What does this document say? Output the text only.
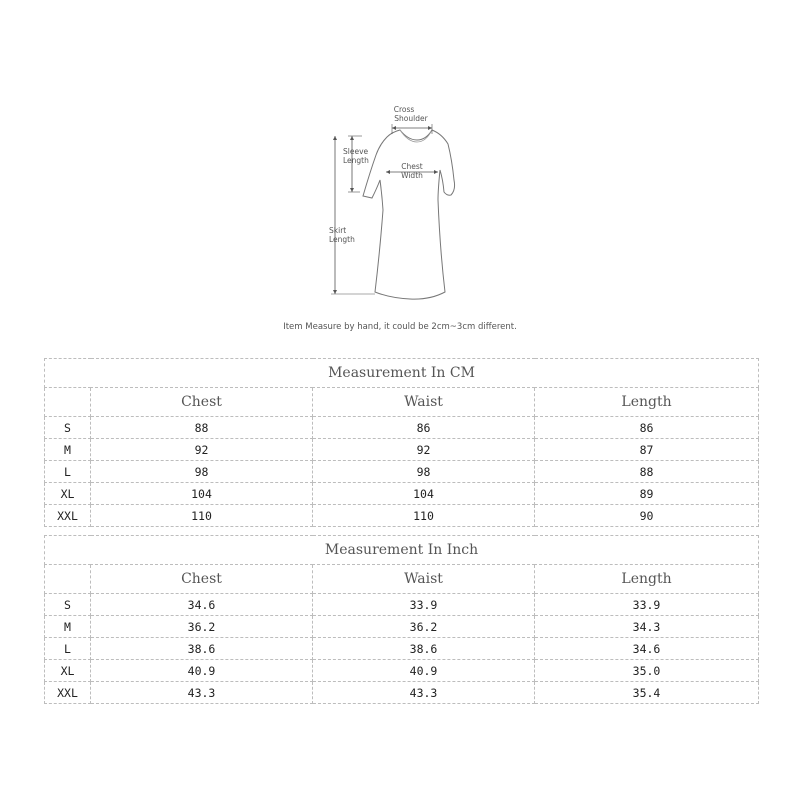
Cross
Shoulder
Sleeve
Length
Chest
Width
Skirt
Length
Item Measure by hand, it could be 2cm~3cm different.
Measurement In CM			
	Chest	Waist	Length
S	88	86	86
M	92	92	87
L	98	98	88
XL	104	104	89
XXL	110	110	90
Measurement In Inch			
	Chest	Waist	Length
S	34.6	33.9	33.9
M	36.2	36.2	34.3
L	38.6	38.6	34.6
XL	40.9	40.9	35.0
XXL	43.3	43.3	35.4
